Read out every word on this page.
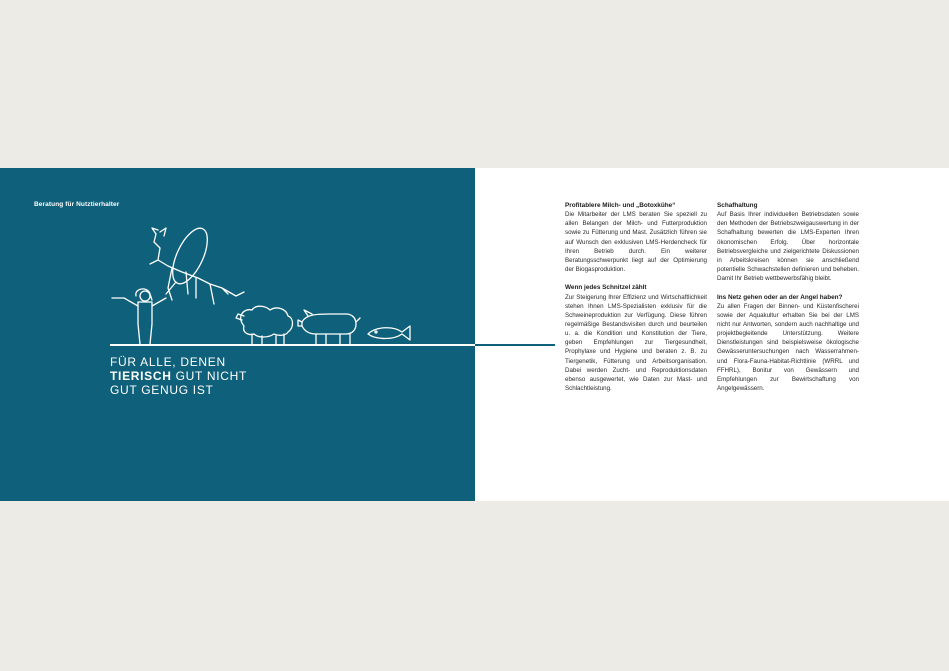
Beratung für Nutztierhalter
FÜR ALLE, DENEN
TIERISCH GUT NICHT
GUT GENUG IST
Profitablere Milch- und „Botoxkühe“

Die Mitarbeiter der LMS beraten Sie speziell zu allen Belangen der Milch- und Futterproduktion sowie zu Fütterung und Mast. Zusätzlich führen sie auf Wunsch den exklusiven LMS-Herdencheck für Ihren Betrieb durch. Ein weiterer Beratungsschwerpunkt liegt auf der Optimierung der Biogasproduktion.

Wenn jedes Schnitzel zählt

Zur Steigerung Ihrer Effizienz und Wirtschaftlichkeit stehen Ihnen LMS-Spezialisten exklusiv für die Schweineproduktion zur Verfügung. Diese führen regelmäßige Bestandsvisiten durch und beurteilen u. a. die Kondition und Konstitution der Tiere, geben Empfehlungen zur Tiergesundheit, Prophylaxe und Hygiene und beraten z. B. zu Tiergenetik, Fütterung und Arbeitsorganisation. Dabei werden Zucht- und Reproduktionsdaten ebenso ausgewertet, wie Daten zur Mast- und Schlachtleistung.

Schafhaltung

Auf Basis Ihrer individuellen Betriebsdaten sowie den Methoden der Betriebszweigauswertung in der Schafhaltung bewerten die LMS-Experten Ihren ökonomischen Erfolg. Über horizontale Betriebsvergleiche und zielgerichtete Diskussionen in Arbeitskreisen können sie anschließend potentielle Schwachstellen definieren und beheben. Damit Ihr Betrieb wettbewerbsfähig bleibt.

Ins Netz gehen oder an der Angel haben?

Zu allen Fragen der Binnen- und Küstenfischerei sowie der Aquakultur erhalten Sie bei der LMS nicht nur Antworten, sondern auch nachhaltige und projektbegleitende Unterstützung. Weitere Dienstleistungen sind beispielsweise ökologische Gewässeruntersuchungen nach Wasserrahmen- und Flora-Fauna-Habitat-Richtlinie (WRRL und FFHRL), Bonitur von Gewässern und Empfehlungen zur Bewirtschaftung von Angelgewässern.
